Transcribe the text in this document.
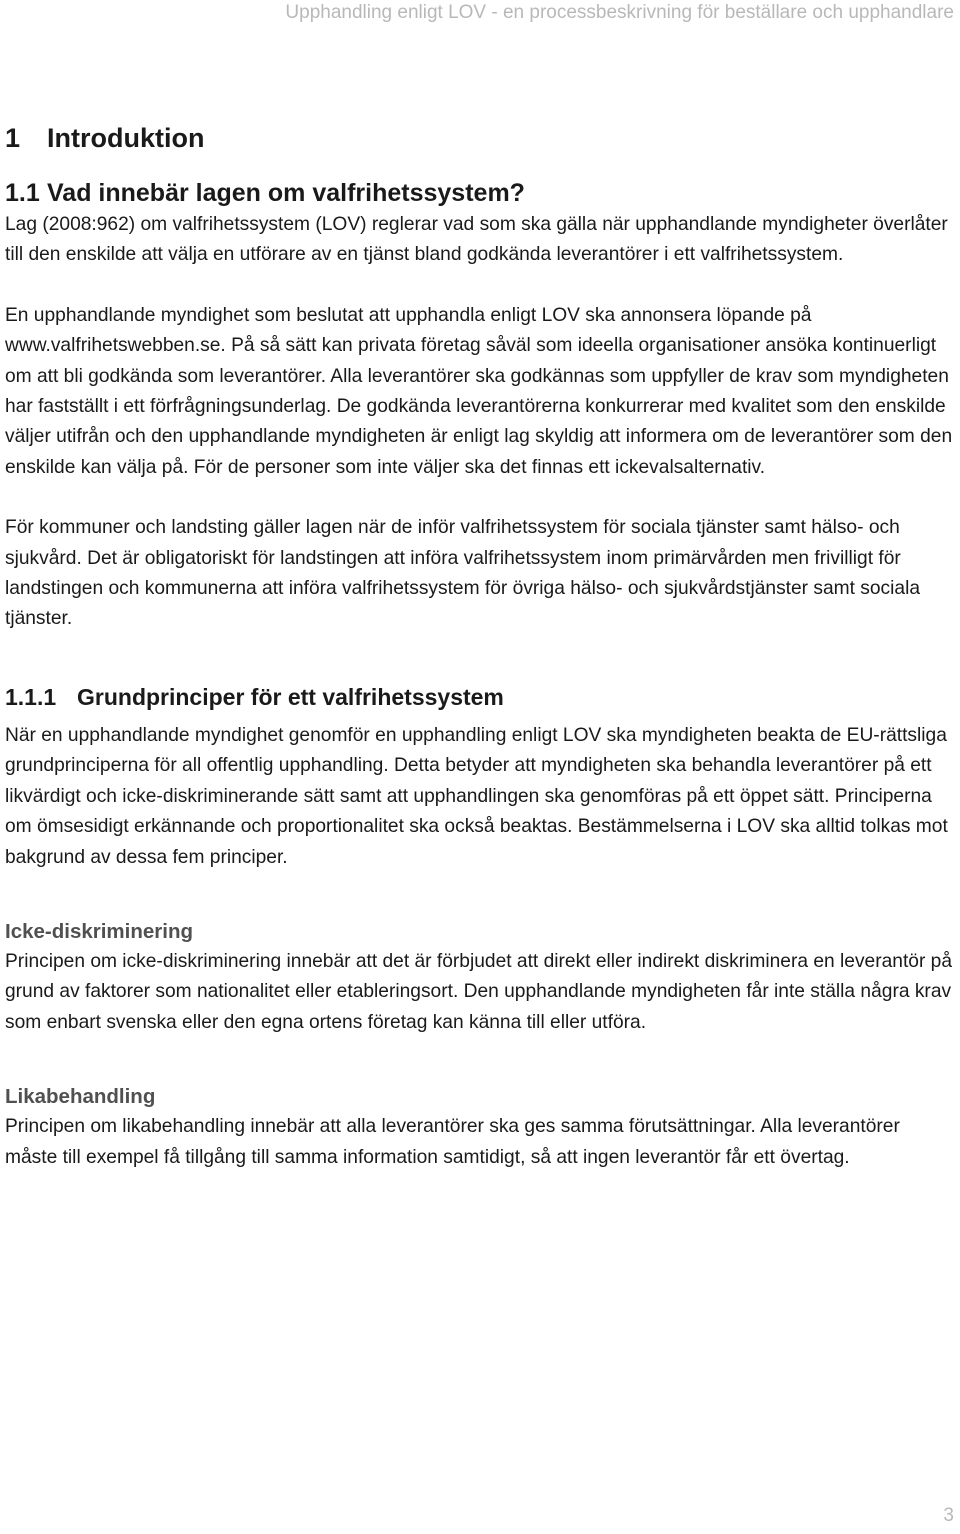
Upphandling enligt LOV - en processbeskrivning för beställare och upphandlare
1 Introduktion
1.1 Vad innebär lagen om valfrihetssystem?

Lag (2008:962) om valfrihetssystem (LOV) reglerar vad som ska gälla när upphandlande myndigheter överlåter till den enskilde att välja en utförare av en tjänst bland godkända leverantörer i ett valfrihetssystem.

En upphandlande myndighet som beslutat att upphandla enligt LOV ska annonsera löpande på www.valfrihetswebben.se. På så sätt kan privata företag såväl som ideella organisationer ansöka kontinuerligt om att bli godkända som leverantörer. Alla leverantörer ska godkännas som uppfyller de krav som myndigheten har fastställt i ett förfrågningsunderlag. De godkända leverantörerna konkurrerar med kvalitet som den enskilde väljer utifrån och den upphandlande myndigheten är enligt lag skyldig att informera om de leverantörer som den enskilde kan välja på. För de personer som inte väljer ska det finnas ett ickevalsalternativ.

För kommuner och landsting gäller lagen när de inför valfrihetssystem för sociala tjänster samt hälso- och sjukvård. Det är obligatoriskt för landstingen att införa valfrihetssystem inom primärvården men frivilligt för landstingen och kommunerna att införa valfrihetssystem för övriga hälso- och sjukvårdstjänster samt sociala tjänster.

1.1.1 Grundprinciper för ett valfrihetssystem

När en upphandlande myndighet genomför en upphandling enligt LOV ska myndigheten beakta de EU-rättsliga grundprinciperna för all offentlig upphandling. Detta betyder att myndigheten ska behandla leverantörer på ett likvärdigt och icke-diskriminerande sätt samt att upphandlingen ska genomföras på ett öppet sätt. Principerna om ömsesidigt erkännande och proportionalitet ska också beaktas. Bestämmelserna i LOV ska alltid tolkas mot bakgrund av dessa fem principer.

Icke-diskriminering

Principen om icke-diskriminering innebär att det är förbjudet att direkt eller indirekt diskriminera en leverantör på grund av faktorer som nationalitet eller etableringsort. Den upphandlande myndigheten får inte ställa några krav som enbart svenska eller den egna ortens företag kan känna till eller utföra.

Likabehandling

Principen om likabehandling innebär att alla leverantörer ska ges samma förutsättningar. Alla leverantörer måste till exempel få tillgång till samma information samtidigt, så att ingen leverantör får ett övertag.

3
